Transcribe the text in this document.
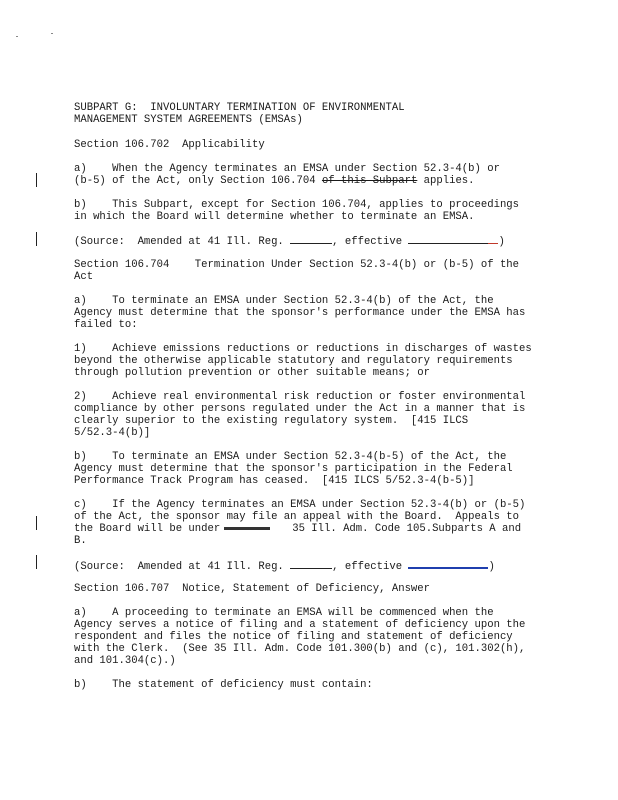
SUBPART G:  INVOLUNTARY TERMINATION OF ENVIRONMENTAL
MANAGEMENT SYSTEM AGREEMENTS (EMSAs)
Section 106.702  Applicability
a)    When the Agency terminates an EMSA under Section 52.3-4(b) or
(b-5) of the Act, only Section 106.704 of this Subpart applies.
b)    This Subpart, except for Section 106.704, applies to proceedings
in which the Board will determine whether to terminate an EMSA.
(Source:  Amended at 41 Ill. Reg.	, effective	)
Section 106.704    Termination Under Section 52.3-4(b) or (b-5) of the
Act
a)    To terminate an EMSA under Section 52.3-4(b) of the Act, the
Agency must determine that the sponsor's performance under the EMSA has
failed to:
1)    Achieve emissions reductions or reductions in discharges of wastes
beyond the otherwise applicable statutory and regulatory requirements
through pollution prevention or other suitable means; or
2)    Achieve real environmental risk reduction or foster environmental
compliance by other persons regulated under the Act in a manner that is
clearly superior to the existing regulatory system.  [415 ILCS
5/52.3-4(b)]
b)    To terminate an EMSA under Section 52.3-4(b-5) of the Act, the
Agency must determine that the sponsor's participation in the Federal
Performance Track Program has ceased.  [415 ILCS 5/52.3-4(b-5)]
c)    If the Agency terminates an EMSA under Section 52.3-4(b) or (b-5)
of the Act, the sponsor may file an appeal with the Board.  Appeals to
the Board will be under	35 Ill. Adm. Code 105.Subparts A and
B.
(Source:  Amended at 41 Ill. Reg.	, effective	)
Section 106.707  Notice, Statement of Deficiency, Answer
a)    A proceeding to terminate an EMSA will be commenced when the
Agency serves a notice of filing and a statement of deficiency upon the
respondent and files the notice of filing and statement of deficiency
with the Clerk.  (See 35 Ill. Adm. Code 101.300(b) and (c), 101.302(h),
and 101.304(c).)
b)    The statement of deficiency must contain:
